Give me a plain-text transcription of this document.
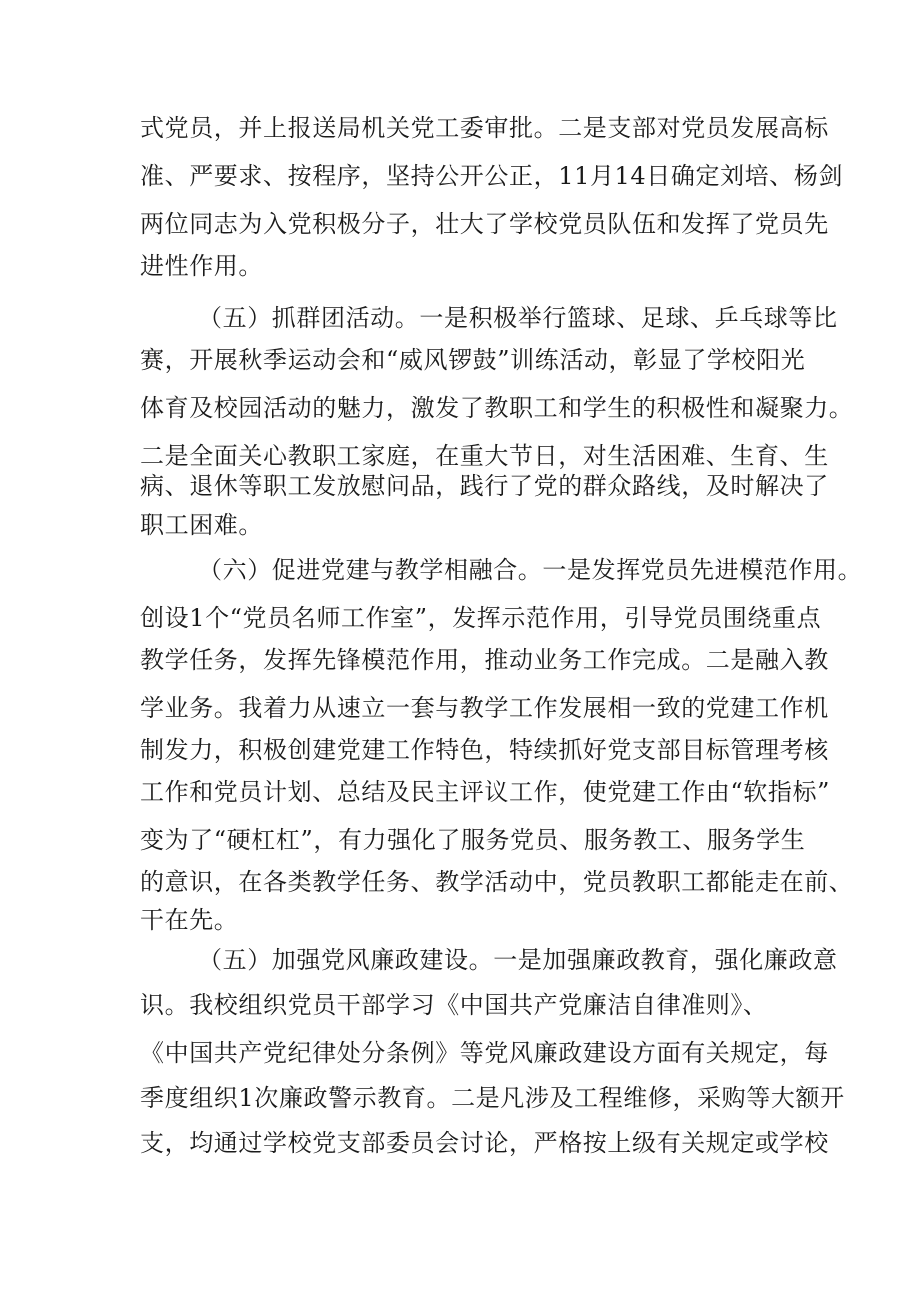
式党员，并上报送局机关党工委审批。二是支部对党员发展高标
准、严要求、按程序，坚持公开公正，11月14日确定刘培、杨剑
两位同志为入党积极分子，壮大了学校党员队伍和发挥了党员先
进性作用。
（五）抓群团活动。一是积极举行篮球、足球、乒乓球等比
赛，开展秋季运动会和“威风锣鼓”训练活动，彰显了学校阳光
体育及校园活动的魅力，激发了教职工和学生的积极性和凝聚力。
二是全面关心教职工家庭，在重大节日，对生活困难、生育、生
病、退休等职工发放慰问品，践行了党的群众路线，及时解决了
职工困难。
（六）促进党建与教学相融合。一是发挥党员先进模范作用。
创设1个“党员名师工作室”，发挥示范作用，引导党员围绕重点
教学任务，发挥先锋模范作用，推动业务工作完成。二是融入教
学业务。我着力从速立一套与教学工作发展相一致的党建工作机
制发力，积极创建党建工作特色，特续抓好党支部目标管理考核
工作和党员计划、总结及民主评议工作，使党建工作由“软指标”
变为了“硬杠杠”，有力强化了服务党员、服务教工、服务学生
的意识，在各类教学任务、教学活动中，党员教职工都能走在前、
干在先。
（五）加强党风廉政建设。一是加强廉政教育，强化廉政意
识。我校组织党员干部学习《中国共产党廉洁自律准则》、
《中国共产党纪律处分条例》等党风廉政建设方面有关规定，每
季度组织1次廉政警示教育。二是凡涉及工程维修，采购等大额开
支，均通过学校党支部委员会讨论，严格按上级有关规定或学校
